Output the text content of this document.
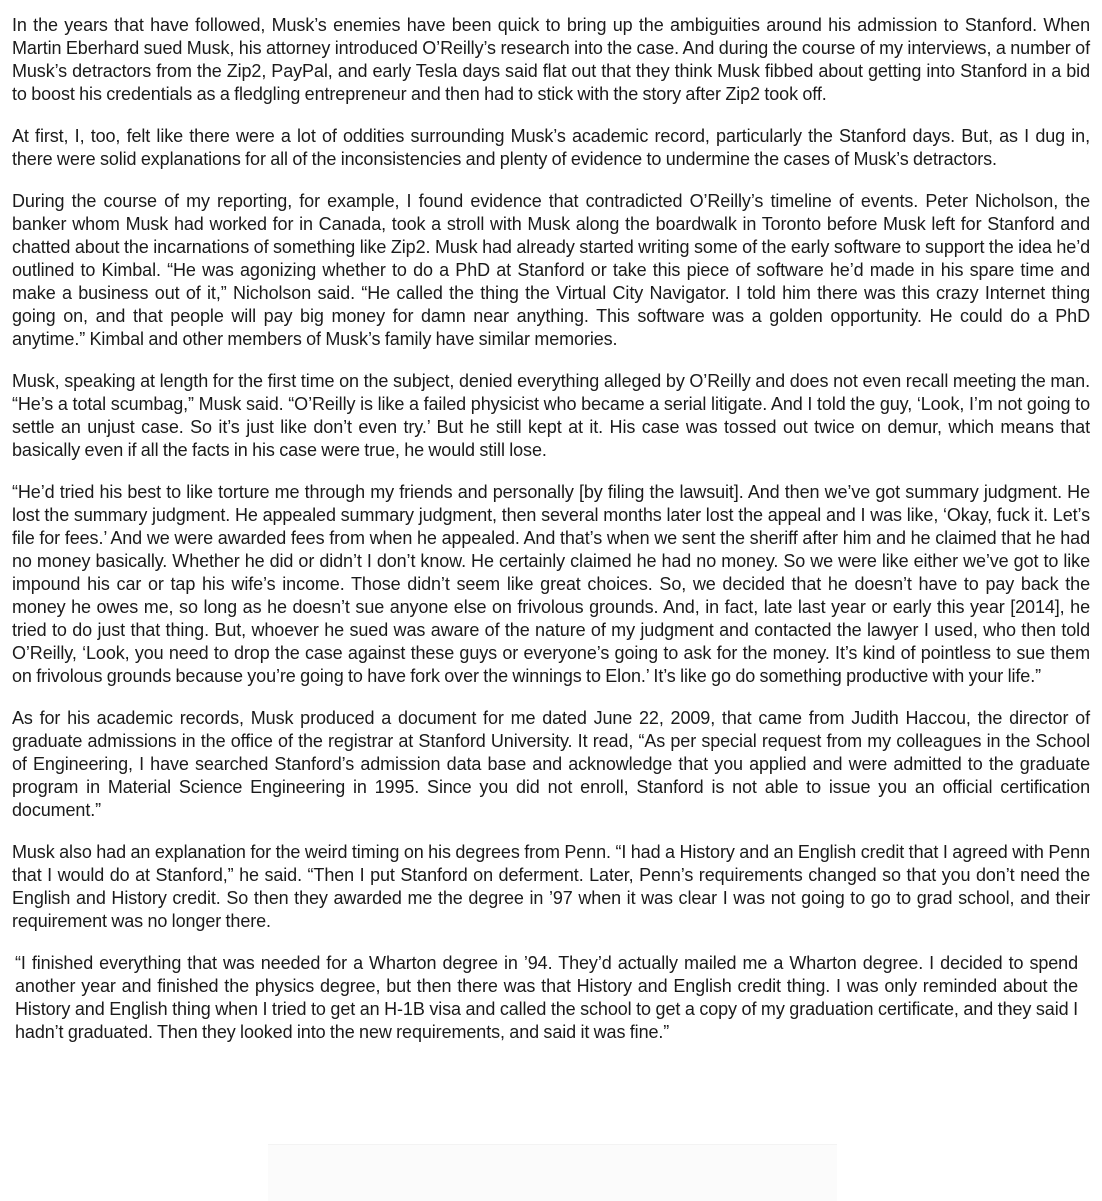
In the years that have followed, Musk’s enemies have been quick to bring up the ambiguities around his admission to Stanford. When Martin Eberhard sued Musk, his attorney introduced O’Reilly’s research into the case. And during the course of my interviews, a number of Musk’s detractors from the Zip2, PayPal, and early Tesla days said flat out that they think Musk fibbed about getting into Stanford in a bid to boost his credentials as a fledgling entrepreneur and then had to stick with the story after Zip2 took off.

At first, I, too, felt like there were a lot of oddities surrounding Musk’s academic record, particularly the Stanford days. But, as I dug in, there were solid explanations for all of the inconsistencies and plenty of evidence to undermine the cases of Musk’s detractors.

During the course of my reporting, for example, I found evidence that contradicted O’Reilly’s timeline of events. Peter Nicholson, the banker whom Musk had worked for in Canada, took a stroll with Musk along the boardwalk in Toronto before Musk left for Stanford and chatted about the incarnations of something like Zip2. Musk had already started writing some of the early software to support the idea he’d outlined to Kimbal. “He was agonizing whether to do a PhD at Stanford or take this piece of software he’d made in his spare time and make a business out of it,” Nicholson said. “He called the thing the Virtual City Navigator. I told him there was this crazy Internet thing going on, and that people will pay big money for damn near anything. This software was a golden opportunity. He could do a PhD anytime.” Kimbal and other members of Musk’s family have similar memories.

Musk, speaking at length for the first time on the subject, denied everything alleged by O’Reilly and does not even recall meeting the man. “He’s a total scumbag,” Musk said. “O’Reilly is like a failed physicist who became a serial litigate. And I told the guy, ‘Look, I’m not going to settle an unjust case. So it’s just like don’t even try.’ But he still kept at it. His case was tossed out twice on demur, which means that basically even if all the facts in his case were true, he would still lose.

“He’d tried his best to like torture me through my friends and personally [by filing the lawsuit]. And then we’ve got summary judgment. He lost the summary judgment. He appealed summary judgment, then several months later lost the appeal and I was like, ‘Okay, fuck it. Let’s file for fees.’ And we were awarded fees from when he appealed. And that’s when we sent the sheriff after him and he claimed that he had no money basically. Whether he did or didn’t I don’t know. He certainly claimed he had no money. So we were like either we’ve got to like impound his car or tap his wife’s income. Those didn’t seem like great choices. So, we decided that he doesn’t have to pay back the money he owes me, so long as he doesn’t sue anyone else on frivolous grounds. And, in fact, late last year or early this year [2014], he tried to do just that thing. But, whoever he sued was aware of the nature of my judgment and contacted the lawyer I used, who then told O’Reilly, ‘Look, you need to drop the case against these guys or everyone’s going to ask for the money. It’s kind of pointless to sue them on frivolous grounds because you’re going to have fork over the winnings to Elon.’ It’s like go do something productive with your life.”

As for his academic records, Musk produced a document for me dated June 22, 2009, that came from Judith Haccou, the director of graduate admissions in the office of the registrar at Stanford University. It read, “As per special request from my colleagues in the School of Engineering, I have searched Stanford’s admission data base and acknowledge that you applied and were admitted to the graduate program in Material Science Engineering in 1995. Since you did not enroll, Stanford is not able to issue you an official certification document.”

Musk also had an explanation for the weird timing on his degrees from Penn. “I had a History and an English credit that I agreed with Penn that I would do at Stanford,” he said. “Then I put Stanford on deferment. Later, Penn’s requirements changed so that you don’t need the English and History credit. So then they awarded me the degree in ’97 when it was clear I was not going to go to grad school, and their requirement was no longer there.

“I finished everything that was needed for a Wharton degree in ’94. They’d actually mailed me a Wharton degree. I decided to spend another year and finished the physics degree, but then there was that History and English credit thing. I was only reminded about the History and English thing when I tried to get an H-1B visa and called the school to get a copy of my graduation certificate, and they said I hadn’t graduated. Then they looked into the new requirements, and said it was fine.”
